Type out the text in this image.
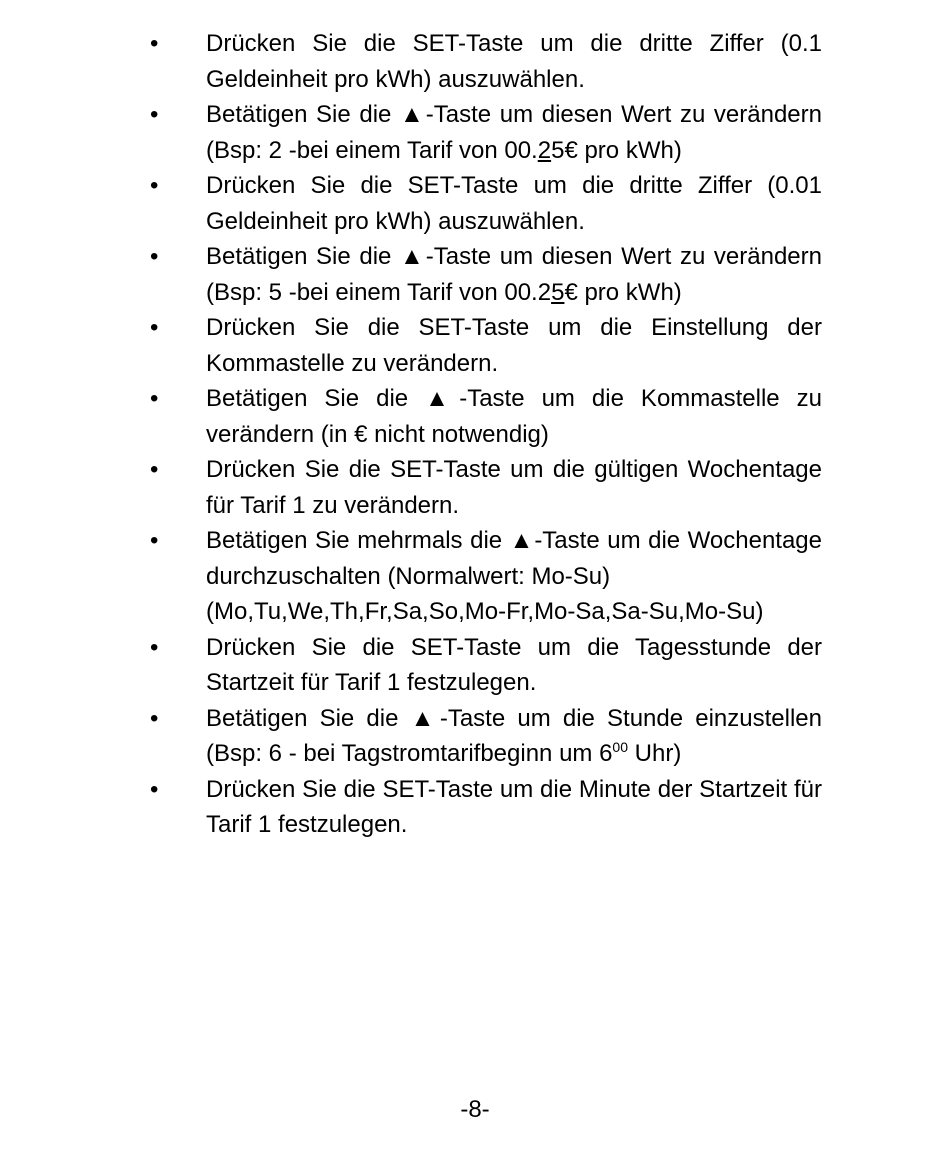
• Drücken Sie die SET-Taste um die dritte Ziffer (0.1 Geldeinheit pro kWh) auszuwählen.
• Betätigen Sie die ▲-Taste um diesen Wert zu verändern (Bsp: 2 -bei einem Tarif von 00.25€ pro kWh)
• Drücken Sie die SET-Taste um die dritte Ziffer (0.01 Geldeinheit pro kWh) auszuwählen.
• Betätigen Sie die ▲-Taste um diesen Wert zu verändern (Bsp: 5 -bei einem Tarif von 00.25€ pro kWh)
• Drücken Sie die SET-Taste um die Einstellung der Kommastelle zu verändern.
• Betätigen Sie die ▲-Taste um die Kommastelle zu verändern (in € nicht notwendig)
• Drücken Sie die SET-Taste um die gültigen Wochentage für Tarif 1 zu verändern.
• Betätigen Sie mehrmals die ▲-Taste um die Wochentage durchzuschalten (Normalwert: Mo-Su)
(Mo,Tu,We,Th,Fr,Sa,So,Mo-Fr,Mo-Sa,Sa-Su,Mo-Su)
• Drücken Sie die SET-Taste um die Tagesstunde der Startzeit für Tarif 1 festzulegen.
• Betätigen Sie die ▲-Taste um die Stunde einzustellen (Bsp: 6 - bei Tagstromtarifbeginn um $6^{00}$ Uhr)
• Drücken Sie die SET-Taste um die Minute der Startzeit für Tarif 1 festzulegen.
-8-
